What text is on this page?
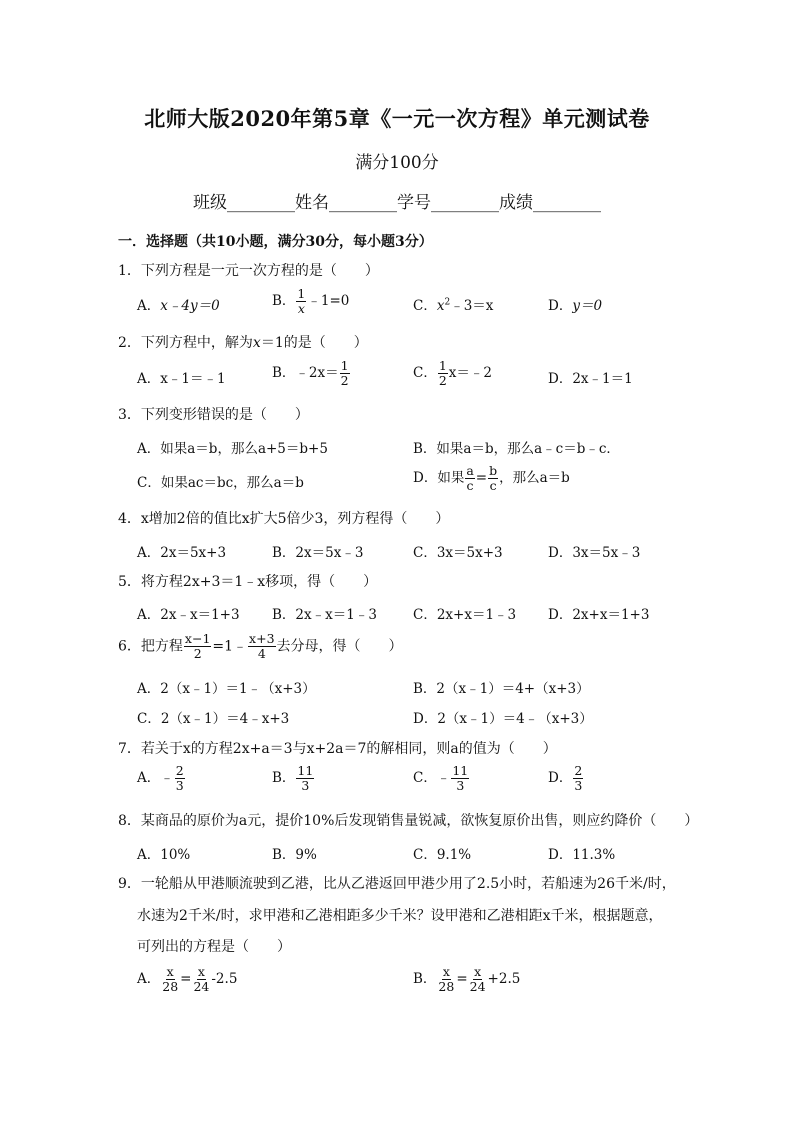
北师大版2020年第5章《一元一次方程》单元测试卷
满分100分
班级________姓名________学号________成绩________
一．选择题（共10小题，满分30分，每小题3分）
1．下列方程是一元一次方程的是（　　）
A．x﹣4y＝0	B． $\frac{1}{x}$ ﹣1=0	C．$x^2﹣3=x$	D．y＝0
2．下列方程中，解为x＝1的是（　　）
A．x﹣1＝﹣1	B．﹣2x＝ $\frac{1}{2}$	C． $\frac{1}{2}$ x＝﹣2	D．2x﹣1＝1
3．下列变形错误的是（　　）
A．如果a＝b，那么a+5＝b+5	B．如果a＝b，那么a﹣c＝b﹣c．
C．如果ac＝bc，那么a＝b	D．如果 $\frac{a}{c} = \frac{b}{c}$ ，那么a＝b
4．x增加2倍的值比x扩大5倍少3，列方程得（　　）
A．2x＝5x+3	B．2x＝5x﹣3	C．3x＝5x+3	D．3x＝5x﹣3
5．将方程2x+3＝1﹣x移项，得（　　）
A．2x﹣x＝1+3 B．2x﹣x＝1﹣3	C．2x+x＝1﹣3 D．2x+x＝1+3
6．把方程 $\frac{x-1}{2}$ =1﹣ $\frac{x+3}{4}$ 去分母，得（　　）
A．2（x﹣1）＝1﹣（x+3）	B．2（x﹣1）＝4+（x+3）
C．2（x﹣1）＝4﹣x+3	D．2（x﹣1）＝4﹣（x+3）
7．若关于x的方程2x+a＝3与x+2a＝7的解相同，则a的值为（　　）
A．﹣ $\frac{2}{3}$	B． $\frac{11}{3}$	C．﹣ $\frac{11}{3}$	D． $\frac{2}{3}$
8．某商品的原价为a元，提价10%后发现销售量锐减，欲恢复原价出售，则应约降价（　　）
A．10%	B．9%	C．9.1%	D．11.3%
9．一轮船从甲港顺流驶到乙港，比从乙港返回甲港少用了2.5小时，若船速为26千米/时，
水速为2千米/时，求甲港和乙港相距多少千米？设甲港和乙港相距x千米，根据题意，
可列出的方程是（　　）
A． $\frac{x}{28} = \frac{x}{24} -2.5$	B． $\frac{x}{28} = \frac{x}{24} +2.5$
